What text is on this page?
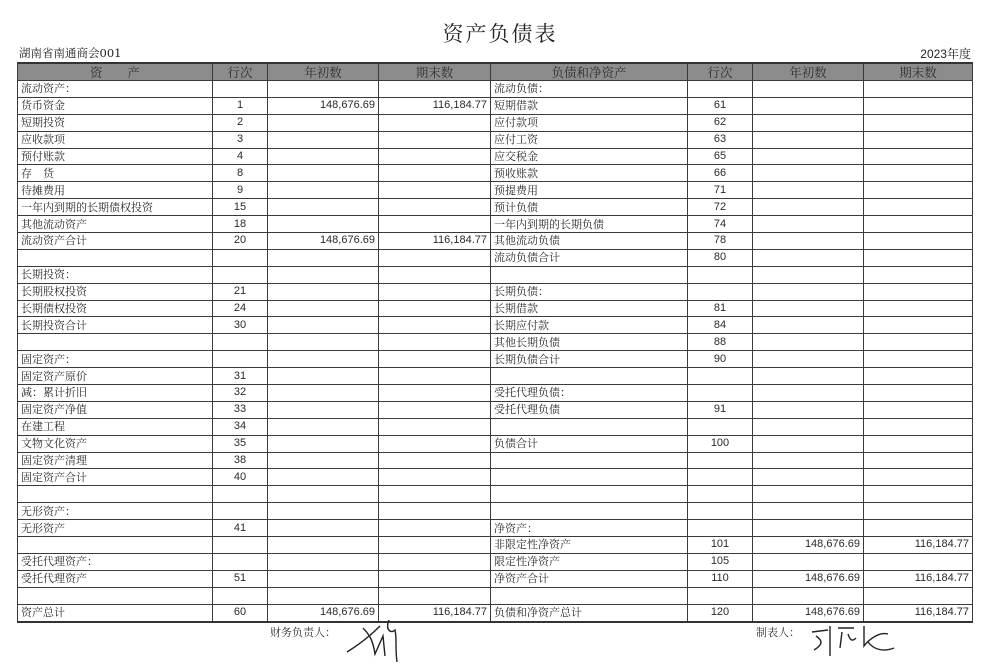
资产负债表
湖南省南通商会001	2023年度
资　　产	行次	年初数	期末数	负债和净资产	行次	年初数	期末数
流动资产：				流动负债：			
货币资金	1	148,676.69	116,184.77	短期借款	61		
短期投资	2			应付款项	62		
应收款项	3			应付工资	63		
预付账款	4			应交税金	65		
存　货	8			预收账款	66		
待摊费用	9			预提费用	71		
一年内到期的长期债权投资	15			预计负债	72		
其他流动资产	18			一年内到期的长期负债	74		
流动资产合计	20	148,676.69	116,184.77	其他流动负债	78		
				流动负债合计	80		
长期投资：							
长期股权投资	21			长期负债：			
长期债权投资	24			长期借款	81		
长期投资合计	30			长期应付款	84		
				其他长期负债	88		
固定资产：				长期负债合计	90		
固定资产原价	31						
减：累计折旧	32			受托代理负债：			
固定资产净值	33			受托代理负债	91		
在建工程	34						
文物文化资产	35			负债合计	100		
固定资产清理	38						
固定资产合计	40						

无形资产：							
无形资产	41			净资产：			
				非限定性净资产	101	148,676.69	116,184.77
受托代理资产：				限定性净资产	105		
受托代理资产	51			净资产合计	110	148,676.69	116,184.77

资产总计	60	148,676.69	116,184.77	负债和净资产总计	120	148,676.69	116,184.77
财务负责人：	制表人：
